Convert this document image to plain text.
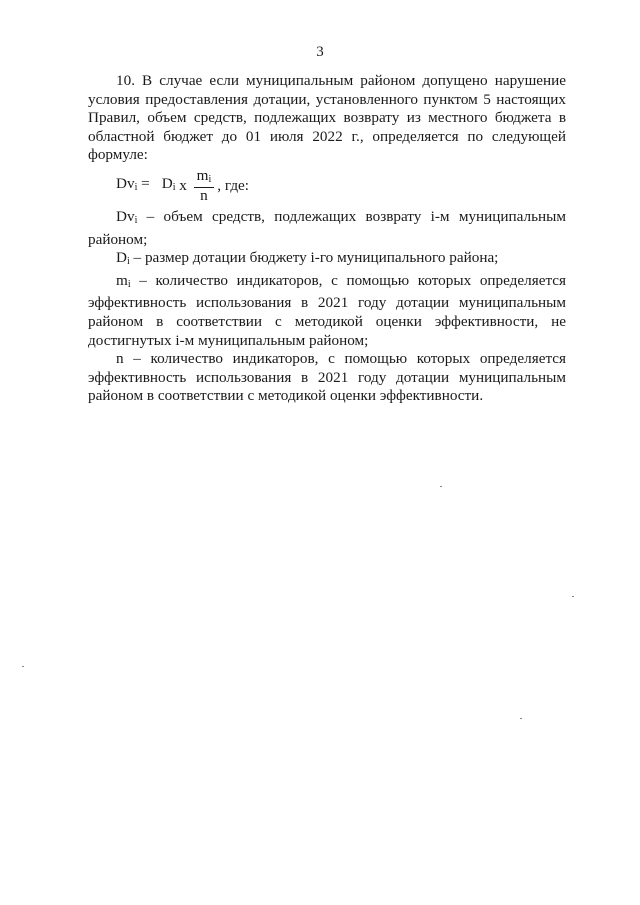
3

10. В случае если муниципальным районом допущено нарушение условия предоставления дотации, установленного пунктом 5 настоящих Правил, объем средств, подлежащих возврату из местного бюджета в областной бюджет до 01 июля 2022 г., определяется по следующей формуле:

$Dv_i = D_i$ x $\frac{m_i}{n}$ , где:

$Dv_i$ – объем средств, подлежащих возврату i-м муниципальным районом;

$D_i$ – размер дотации бюджету i-го муниципального района;

$m_i$ – количество индикаторов, с помощью которых определяется эффективность использования в 2021 году дотации муниципальным районом в соответствии с методикой оценки эффективности, не достигнутых i-м муниципальным районом;

n – количество индикаторов, с помощью которых определяется эффективность использования в 2021 году дотации муниципальным районом в соответствии с методикой оценки эффективности.
